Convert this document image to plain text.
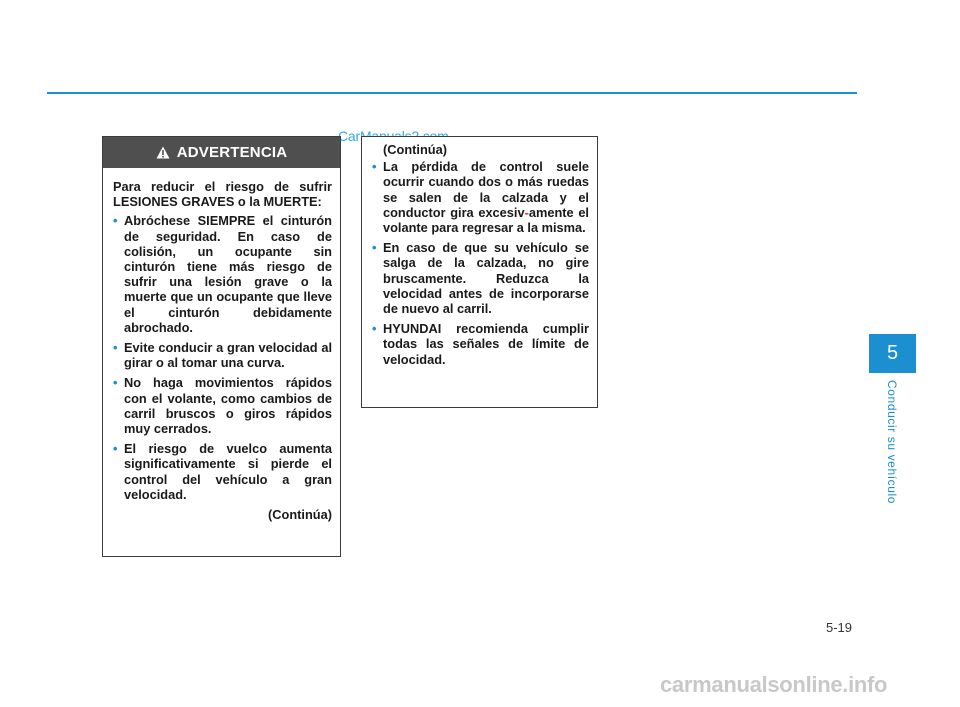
ADVERTENCIA

Para reducir el riesgo de sufrir LESIONES GRAVES o la MUERTE:

• Abróchese SIEMPRE el cinturón de seguridad. En caso de colisión, un ocupante sin cinturón tiene más riesgo de sufrir una lesión grave o la muerte que un ocupante que lleve el cinturón debidamente abrochado.
• Evite conducir a gran velocidad al girar o al tomar una curva.
• No haga movimientos rápidos con el volante, como cambios de carril bruscos o giros rápidos muy cerrados.
• El riesgo de vuelco aumenta significativamente si pierde el control del vehículo a gran velocidad.
(Continúa)
(Continúa)
• La pérdida de control suele ocurrir cuando dos o más ruedas se salen de la calzada y el conductor gira excesiv-amente el volante para regresar a la misma.
• En caso de que su vehículo se salga de la calzada, no gire bruscamente. Reduzca la velocidad antes de incorporarse de nuevo al carril.
• HYUNDAI recomienda cumplir todas las señales de límite de velocidad.	5
Conducir su vehículo
5-19
carmanualsonline.info
